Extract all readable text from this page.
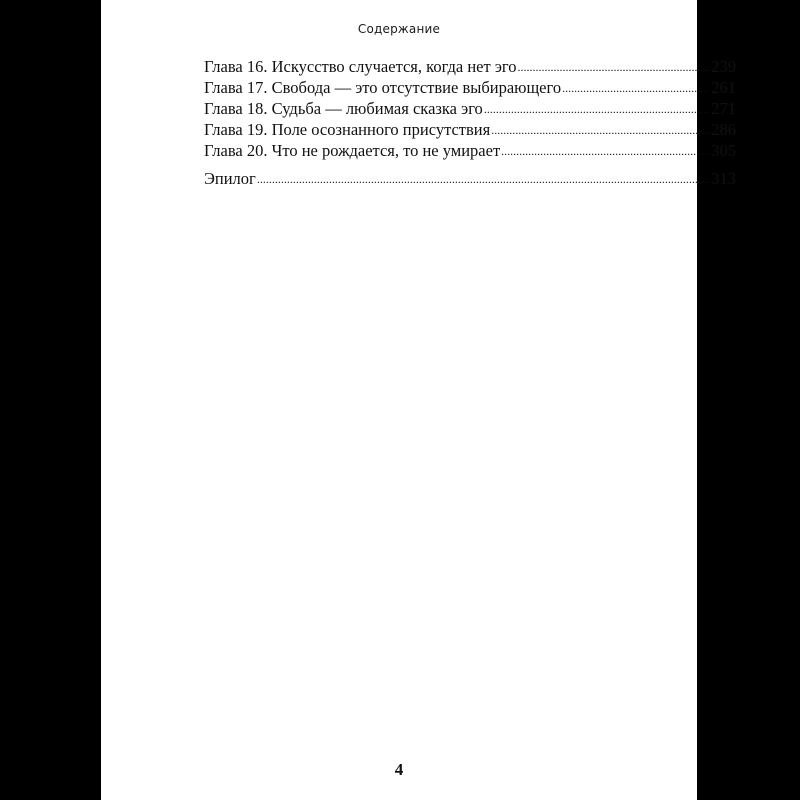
Содержание
Глава 16. Искусство случается, когда нет эго .....	239
Глава 17. Свобода — это отсутствие выбирающего .....	261
Глава 18. Судьба — любимая сказка эго .....	271
Глава 19. Поле осознанного присутствия .....	286
Глава 20. Что не рождается, то не умирает .....	305
Эпилог .....	313
4
